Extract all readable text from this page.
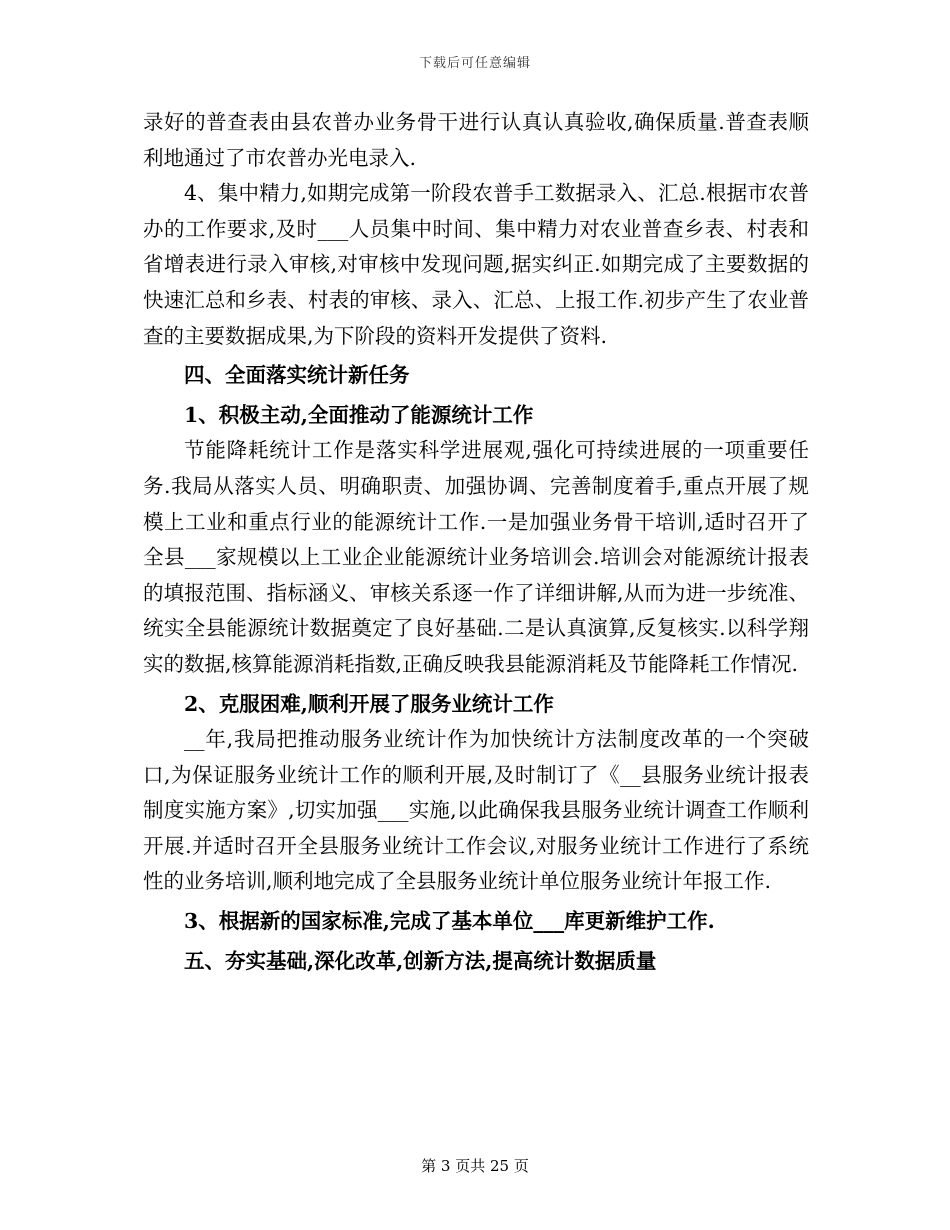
下载后可任意编辑

录好的普查表由县农普办业务骨干进行认真认真验收,确保质量.普查表顺利地通过了市农普办光电录入.

4、集中精力,如期完成第一阶段农普手工数据录入、汇总.根据市农普办的工作要求,及时___人员集中时间、集中精力对农业普查乡表、村表和省增表进行录入审核,对审核中发现问题,据实纠正.如期完成了主要数据的快速汇总和乡表、村表的审核、录入、汇总、上报工作.初步产生了农业普查的主要数据成果,为下阶段的资料开发提供了资料.

四、全面落实统计新任务

1、积极主动,全面推动了能源统计工作

节能降耗统计工作是落实科学进展观,强化可持续进展的一项重要任务.我局从落实人员、明确职责、加强协调、完善制度着手,重点开展了规模上工业和重点行业的能源统计工作.一是加强业务骨干培训,适时召开了全县___家规模以上工业企业能源统计业务培训会.培训会对能源统计报表的填报范围、指标涵义、审核关系逐一作了详细讲解,从而为进一步统准、统实全县能源统计数据奠定了良好基础.二是认真演算,反复核实.以科学翔实的数据,核算能源消耗指数,正确反映我县能源消耗及节能降耗工作情况.

2、克服困难,顺利开展了服务业统计工作

__年,我局把推动服务业统计作为加快统计方法制度改革的一个突破口,为保证服务业统计工作的顺利开展,及时制订了《__县服务业统计报表制度实施方案》,切实加强___实施,以此确保我县服务业统计调查工作顺利开展.并适时召开全县服务业统计工作会议,对服务业统计工作进行了系统性的业务培训,顺利地完成了全县服务业统计单位服务业统计年报工作.

3、根据新的国家标准,完成了基本单位___库更新维护工作.

五、夯实基础,深化改革,创新方法,提高统计数据质量

第 3 页共 25 页
